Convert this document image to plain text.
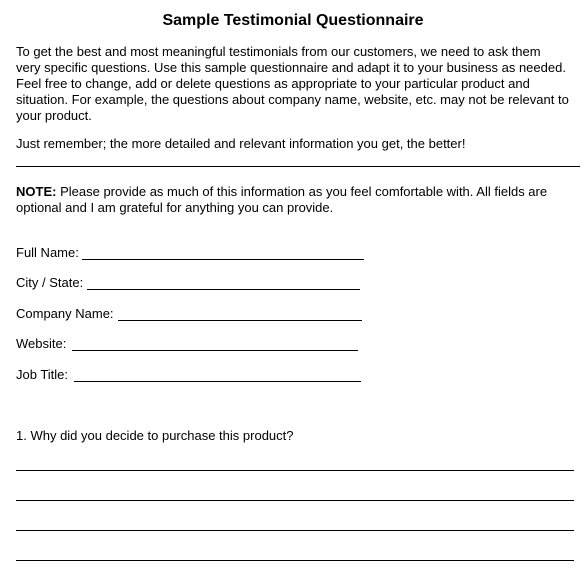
Sample Testimonial Questionnaire
To get the best and most meaningful testimonials from our customers, we need to ask them
very specific questions. Use this sample questionnaire and adapt it to your business as needed.
Feel free to change, add or delete questions as appropriate to your particular product and
situation. For example, the questions about company name, website, etc. may not be relevant to
your product.
Just remember; the more detailed and relevant information you get, the better!
NOTE: Please provide as much of this information as you feel comfortable with. All fields are
optional and I am grateful for anything you can provide.
Full Name:
City / State:
Company Name:
Website:
Job Title:
1. Why did you decide to purchase this product?
